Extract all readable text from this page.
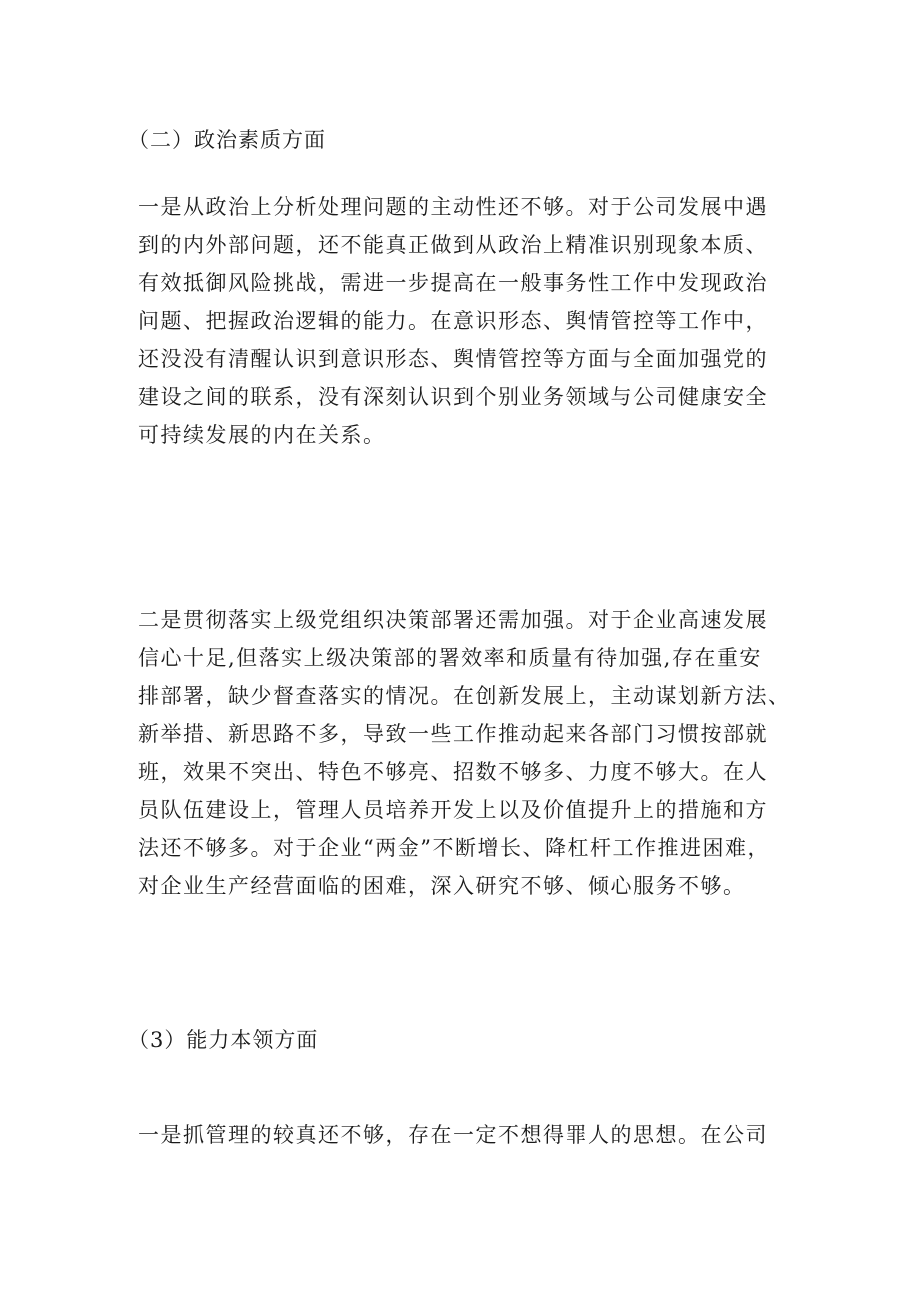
（二）政治素质方面
一是从政治上分析处理问题的主动性还不够。对于公司发展中遇
到的内外部问题，还不能真正做到从政治上精准识别现象本质、
有效抵御风险挑战，需进一步提高在一般事务性工作中发现政治
问题、把握政治逻辑的能力。在意识形态、舆情管控等工作中，
还没没有清醒认识到意识形态、舆情管控等方面与全面加强党的
建设之间的联系，没有深刻认识到个别业务领域与公司健康安全
可持续发展的内在关系。
二是贯彻落实上级党组织决策部署还需加强。对于企业高速发展
信心十足,但落实上级决策部的署效率和质量有待加强,存在重安
排部署，缺少督查落实的情况。在创新发展上，主动谋划新方法、
新举措、新思路不多，导致一些工作推动起来各部门习惯按部就
班，效果不突出、特色不够亮、招数不够多、力度不够大。在人
员队伍建设上，管理人员培养开发上以及价值提升上的措施和方
法还不够多。对于企业“两金”不断增长、降杠杆工作推进困难，
对企业生产经营面临的困难，深入研究不够、倾心服务不够。
（3）能力本领方面
一是抓管理的较真还不够，存在一定不想得罪人的思想。在公司
